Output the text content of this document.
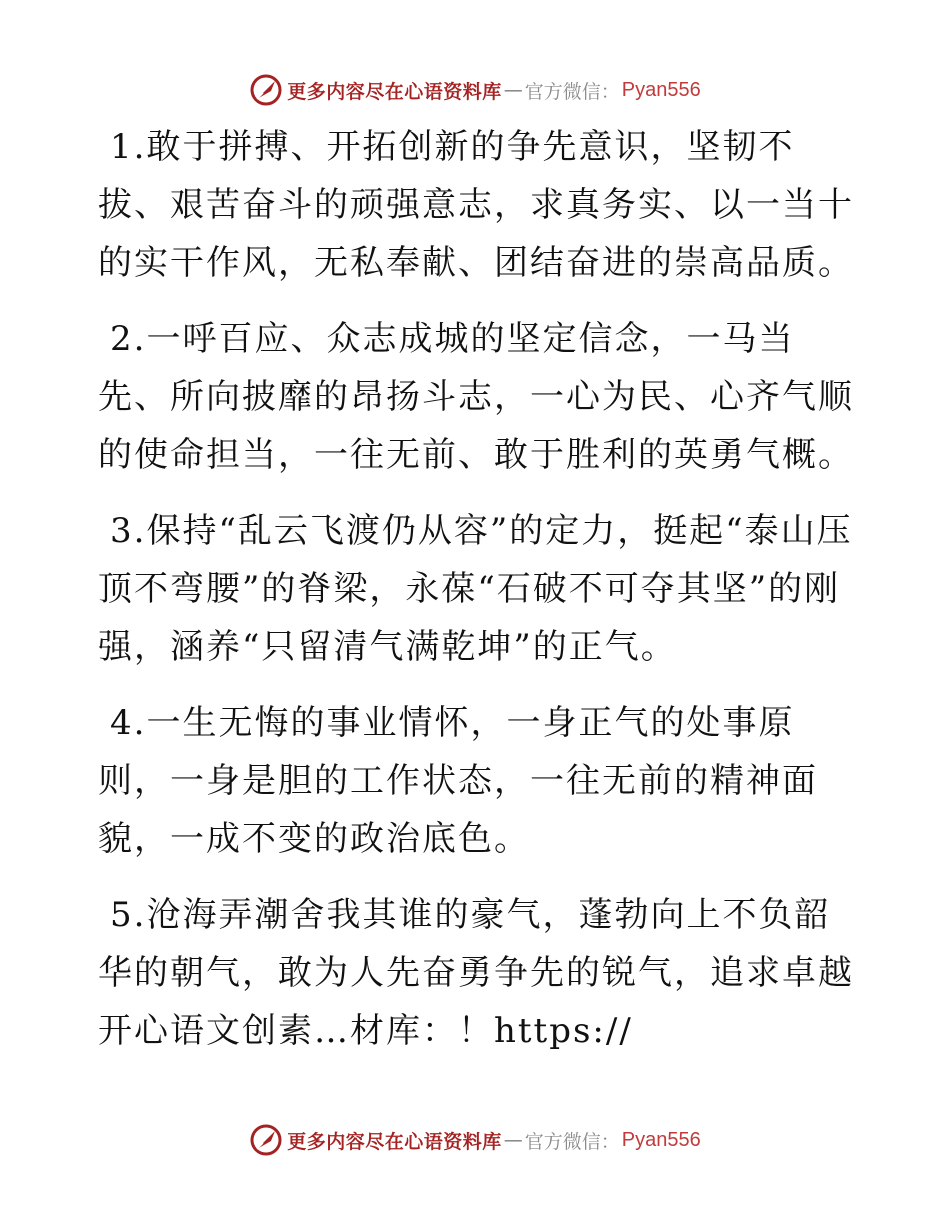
更多内容尽在心语资料库 — 官方微信： Pyan556

1.敢于拼搏、开拓创新的争先意识，坚韧不拔、艰苦奋斗的顽强意志，求真务实、以一当十的实干作风，无私奉献、团结奋进的崇高品质。

2.一呼百应、众志成城的坚定信念，一马当先、所向披靡的昂扬斗志，一心为民、心齐气顺的使命担当，一往无前、敢于胜利的英勇气概。

3.保持“乱云飞渡仍从容”的定力，挺起“泰山压顶不弯腰”的脊梁，永葆“石破不可夺其坚”的刚强，涵养“只留清气满乾坤”的正气。

4.一生无悔的事业情怀，一身正气的处事原则，一身是胆的工作状态，一往无前的精神面貌，一成不变的政治底色。

5.沧海弄潮舍我其谁的豪气，蓬勃向上不负韶华的朝气，敢为人先奋勇争先的锐气，追求卓越开心语文创素…材库：！https://

更多内容尽在心语资料库 — 官方微信： Pyan556
